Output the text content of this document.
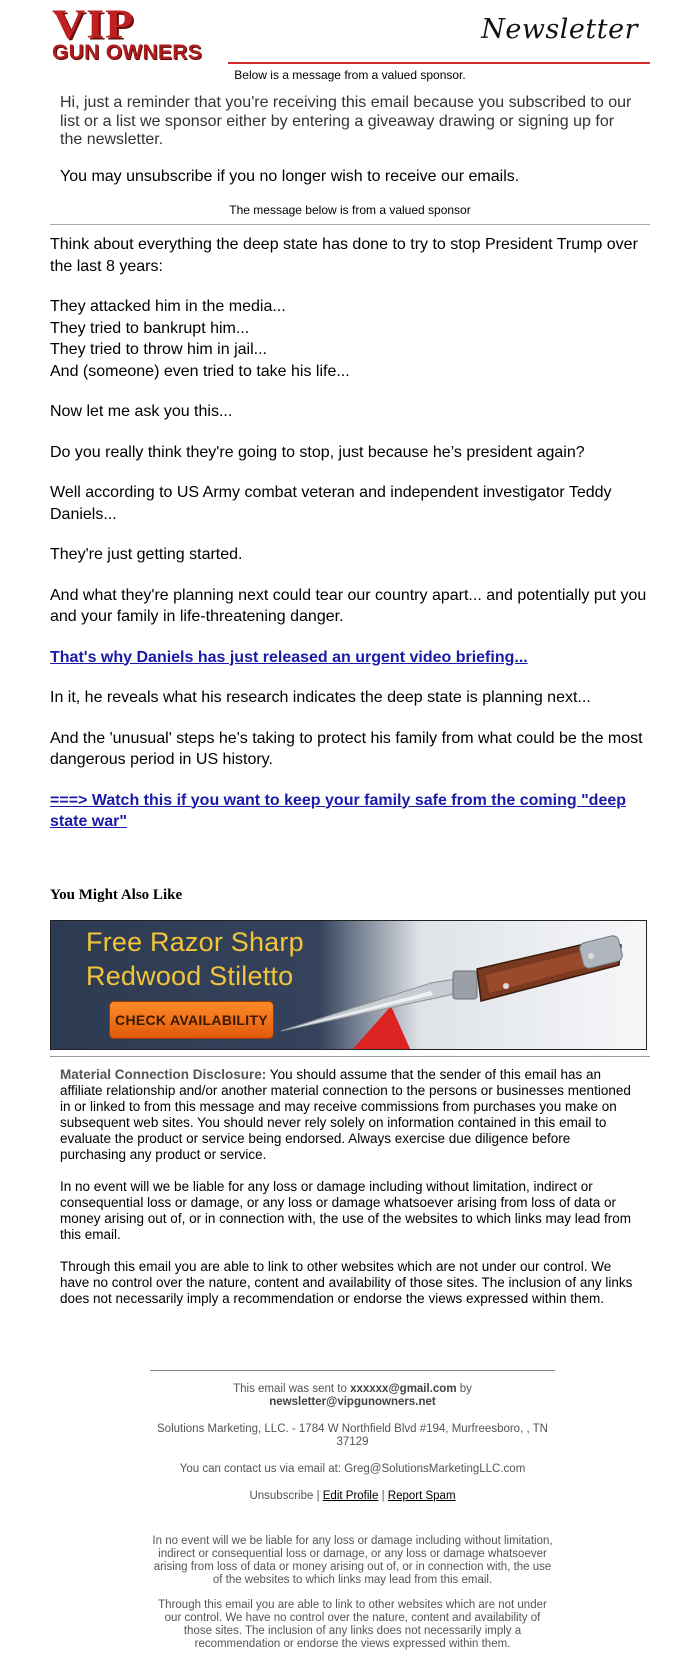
VIP
GUN OWNERS
Newsletter
Below is a message from a valued sponsor.

Hi, just a reminder that you're receiving this email because you subscribed to our list or a list we sponsor either by entering a giveaway drawing or signing up for the newsletter.

You may unsubscribe if you no longer wish to receive our emails.

The message below is from a valued sponsor

Think about everything the deep state has done to try to stop President Trump over the last 8 years:

They attacked him in the media...
They tried to bankrupt him...
They tried to throw him in jail...
And (someone) even tried to take his life...

Now let me ask you this...

Do you really think they're going to stop, just because he’s president again?

Well according to US Army combat veteran and independent investigator Teddy Daniels...

They're just getting started.

And what they're planning next could tear our country apart... and potentially put you and your family in life-threatening danger.

That's why Daniels has just released an urgent video briefing...

In it, he reveals what his research indicates the deep state is planning next...

And the 'unusual' steps he's taking to protect his family from what could be the most dangerous period in US history.

===> Watch this if you want to keep your family safe from the coming "deep state war"

You Might Also Like
Free Razor Sharp
Redwood Stiletto
CHECK AVAILABILITY

Material Connection Disclosure: You should assume that the sender of this email has an affiliate relationship and/or another material connection to the persons or businesses mentioned in or linked to from this message and may receive commissions from purchases you make on subsequent web sites. You should never rely solely on information contained in this email to evaluate the product or service being endorsed. Always exercise due diligence before purchasing any product or service.

In no event will we be liable for any loss or damage including without limitation, indirect or consequential loss or damage, or any loss or damage whatsoever arising from loss of data or money arising out of, or in connection with, the use of the websites to which links may lead from this email.

Through this email you are able to link to other websites which are not under our control. We have no control over the nature, content and availability of those sites. The inclusion of any links does not necessarily imply a recommendation or endorse the views expressed within them.

This email was sent to xxxxxx@gmail.com by newsletter@vipgunowners.net

Solutions Marketing, LLC. - 1784 W Northfield Blvd #194, Murfreesboro, , TN 37129

You can contact us via email at: Greg@SolutionsMarketingLLC.com

Unsubscribe | Edit Profile | Report Spam

In no event will we be liable for any loss or damage including without limitation, indirect or consequential loss or damage, or any loss or damage whatsoever arising from loss of data or money arising out of, or in connection with, the use of the websites to which links may lead from this email.

Through this email you are able to link to other websites which are not under our control. We have no control over the nature, content and availability of those sites. The inclusion of any links does not necessarily imply a recommendation or endorse the views expressed within them.
